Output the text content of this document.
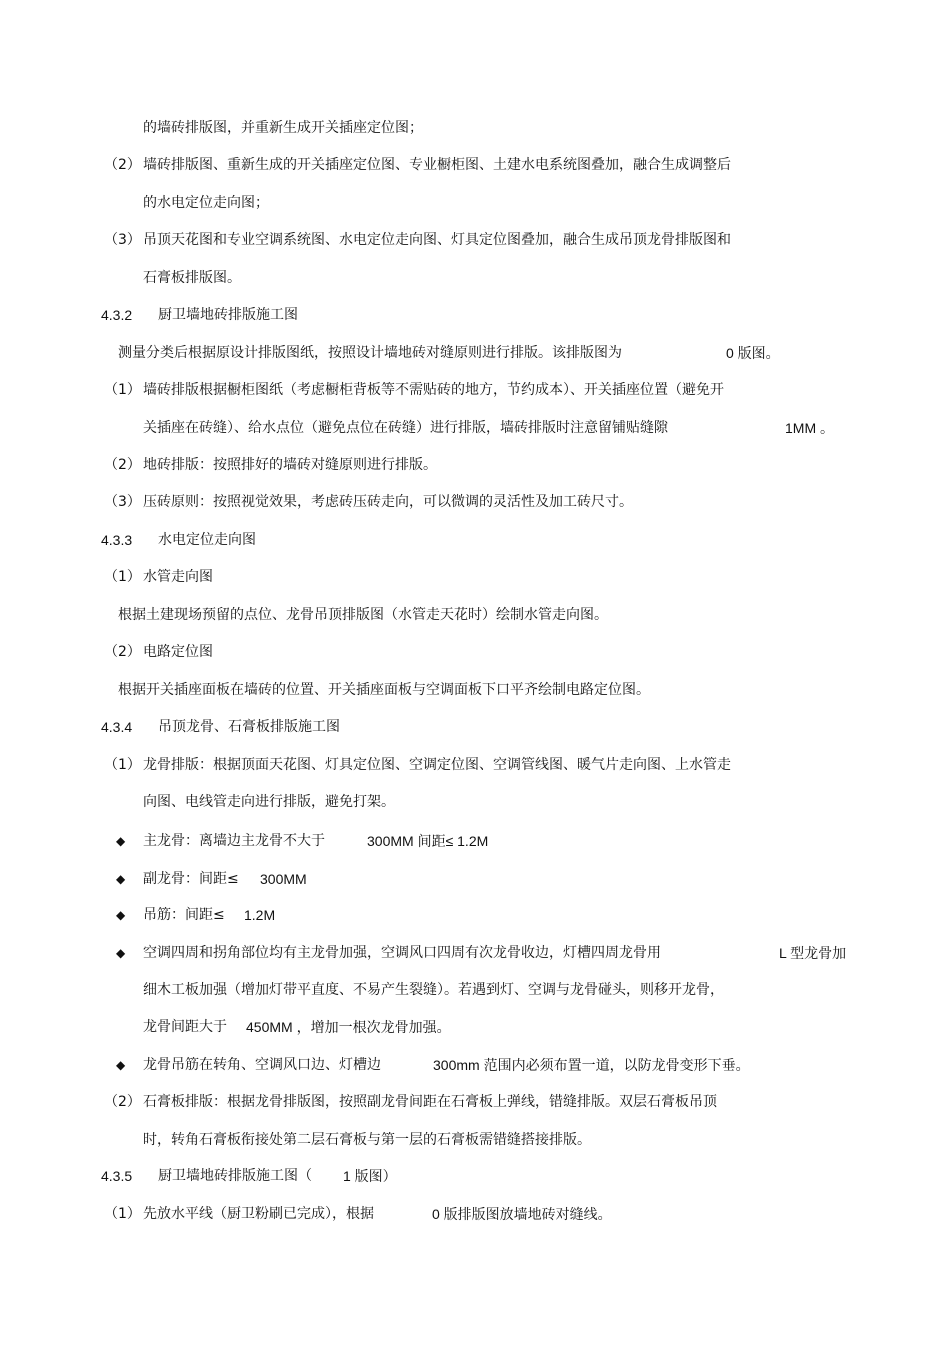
的墙砖排版图，并重新生成开关插座定位图；
（2） 墙砖排版图、重新生成的开关插座定位图、专业橱柜图、土建水电系统图叠加，融合生成调整后
的水电定位走向图；
（3） 吊顶天花图和专业空调系统图、水电定位走向图、灯具定位图叠加，融合生成吊顶龙骨排版图和
石膏板排版图。
4.3.2 厨卫墙地砖排版施工图
测量分类后根据原设计排版图纸，按照设计墙地砖对缝原则进行排版。该排版图为	0 版图。
（1） 墙砖排版根据橱柜图纸（考虑橱柜背板等不需贴砖的地方，节约成本）、开关插座位置（避免开
关插座在砖缝）、给水点位（避免点位在砖缝）进行排版，墙砖排版时注意留铺贴缝隙	1MM 。
（2） 地砖排版：按照排好的墙砖对缝原则进行排版。
（3） 压砖原则：按照视觉效果，考虑砖压砖走向，可以微调的灵活性及加工砖尺寸。
4.3.3 水电定位走向图
（1） 水管走向图
根据土建现场预留的点位、龙骨吊顶排版图（水管走天花时）绘制水管走向图。
（2） 电路定位图
根据开关插座面板在墙砖的位置、开关插座面板与空调面板下口平齐绘制电路定位图。
4.3.4 吊顶龙骨、石膏板排版施工图
（1） 龙骨排版：根据顶面天花图、灯具定位图、空调定位图、空调管线图、暖气片走向图、上水管走
向图、电线管走向进行排版，避免打架。
◆ 主龙骨：离墙边主龙骨不大于	300MM 间距≤ 1.2M
◆ 副龙骨：间距≤ 300MM
◆ 吊筋：间距≤ 1.2M
◆ 空调四周和拐角部位均有主龙骨加强，空调风口四周有次龙骨收边，灯槽四周龙骨用	L 型龙骨加
细木工板加强（增加灯带平直度、不易产生裂缝）。若遇到灯、空调与龙骨碰头，则移开龙骨，
龙骨间距大于 450MM ，增加一根次龙骨加强。
◆ 龙骨吊筋在转角、空调风口边、灯槽边	300mm 范围内必须布置一道，以防龙骨变形下垂。
（2） 石膏板排版：根据龙骨排版图，按照副龙骨间距在石膏板上弹线，错缝排版。双层石膏板吊顶
时，转角石膏板衔接处第二层石膏板与第一层的石膏板需错缝搭接排版。
4.3.5 厨卫墙地砖排版施工图（ 1 版图）
（1） 先放水平线（厨卫粉刷已完成），根据	0 版排版图放墙地砖对缝线。
